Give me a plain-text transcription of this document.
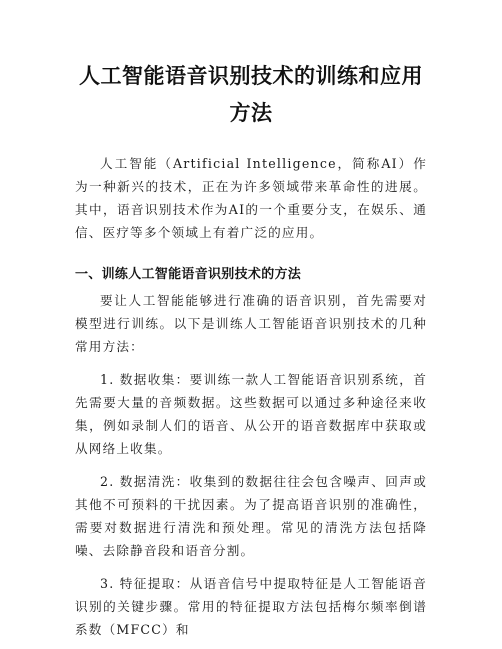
人工智能语音识别技术的训练和应用方法

人工智能（Artificial Intelligence，简称AI）作为一种新兴的技术，正在为许多领域带来革命性的进展。其中，语音识别技术作为AI的一个重要分支，在娱乐、通信、医疗等多个领域上有着广泛的应用。

一、训练人工智能语音识别技术的方法

要让人工智能能够进行准确的语音识别，首先需要对模型进行训练。以下是训练人工智能语音识别技术的几种常用方法：

1. 数据收集：要训练一款人工智能语音识别系统，首先需要大量的音频数据。这些数据可以通过多种途径来收集，例如录制人们的语音、从公开的语音数据库中获取或从网络上收集。

2. 数据清洗：收集到的数据往往会包含噪声、回声或其他不可预料的干扰因素。为了提高语音识别的准确性，需要对数据进行清洗和预处理。常见的清洗方法包括降噪、去除静音段和语音分割。

3. 特征提取：从语音信号中提取特征是人工智能语音识别的关键步骤。常用的特征提取方法包括梅尔频率倒谱系数（MFCC）和
